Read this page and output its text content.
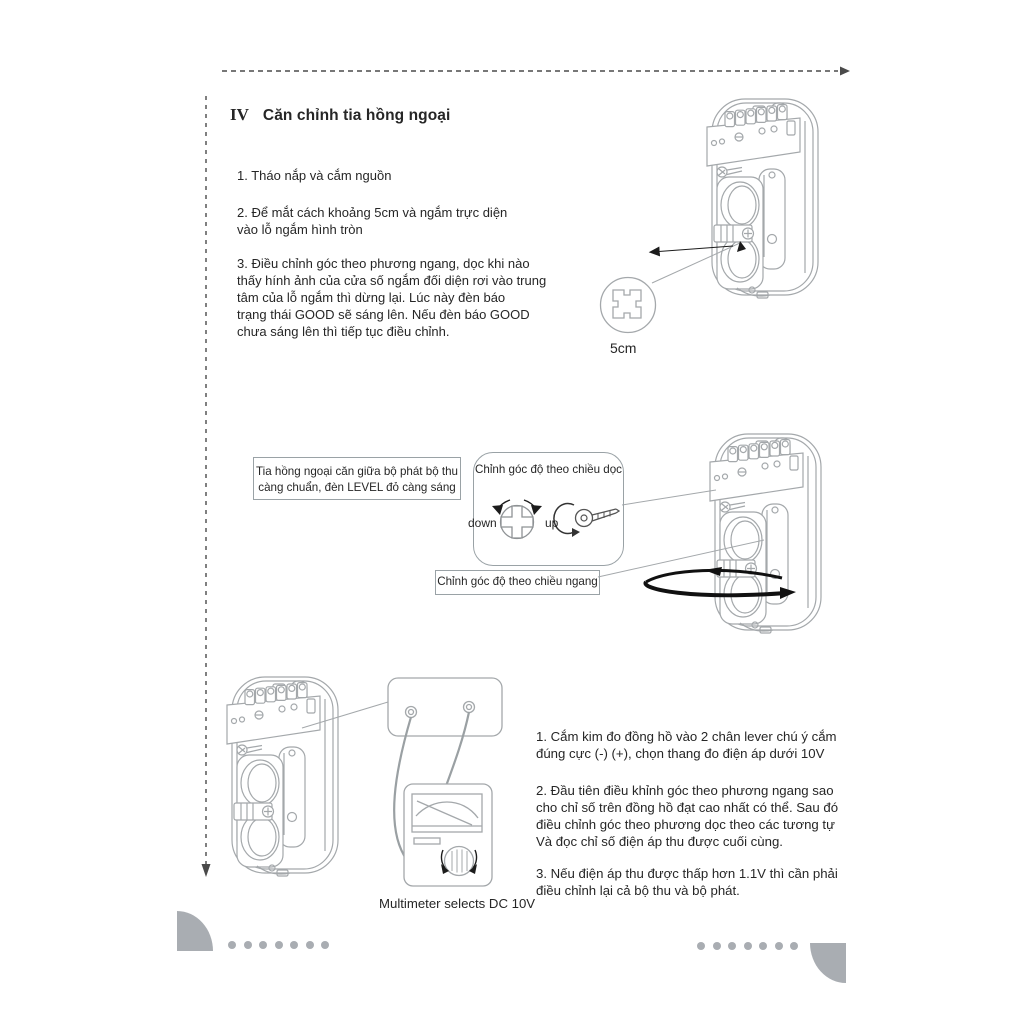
IV Căn chỉnh tia hồng ngoại
1. Tháo nắp và cắm nguồn
2. Để mắt cách khoảng 5cm và ngắm trực diện
vào lỗ ngắm hình tròn
3. Điều chỉnh góc theo phương ngang, dọc khi nào
thấy hính ảnh của cửa số ngắm đối diện rơi vào trung
tâm của lỗ ngắm thì dừng lại. Lúc này đèn báo
trạng thái GOOD sẽ sáng lên. Nếu đèn báo GOOD
chưa sáng lên thì tiếp tục điều chỉnh.
5cm
Tia hồng ngoại căn giữa bộ phát bộ thu
càng chuẩn, đèn LEVEL đỏ càng sáng
Chỉnh góc độ theo chiều dọc
down	up
Chỉnh góc độ theo chiều ngang
1. Cắm kim đo đồng hồ vào 2 chân lever chú ý cắm
đúng cực (-) (+), chọn thang đo điện áp dưới 10V
2. Đầu tiên điều khỉnh góc theo phương ngang sao
cho chỉ số trên đồng hồ đạt cao nhất có thể. Sau đó
điều chỉnh góc theo phương dọc theo các tương tự
Và đọc chỉ số điện áp thu được cuối cùng.
3. Nếu điện áp thu được thấp hơn 1.1V thì cần phải
điều chỉnh lại cả bộ thu và bộ phát.
Multimeter selects DC 10V
